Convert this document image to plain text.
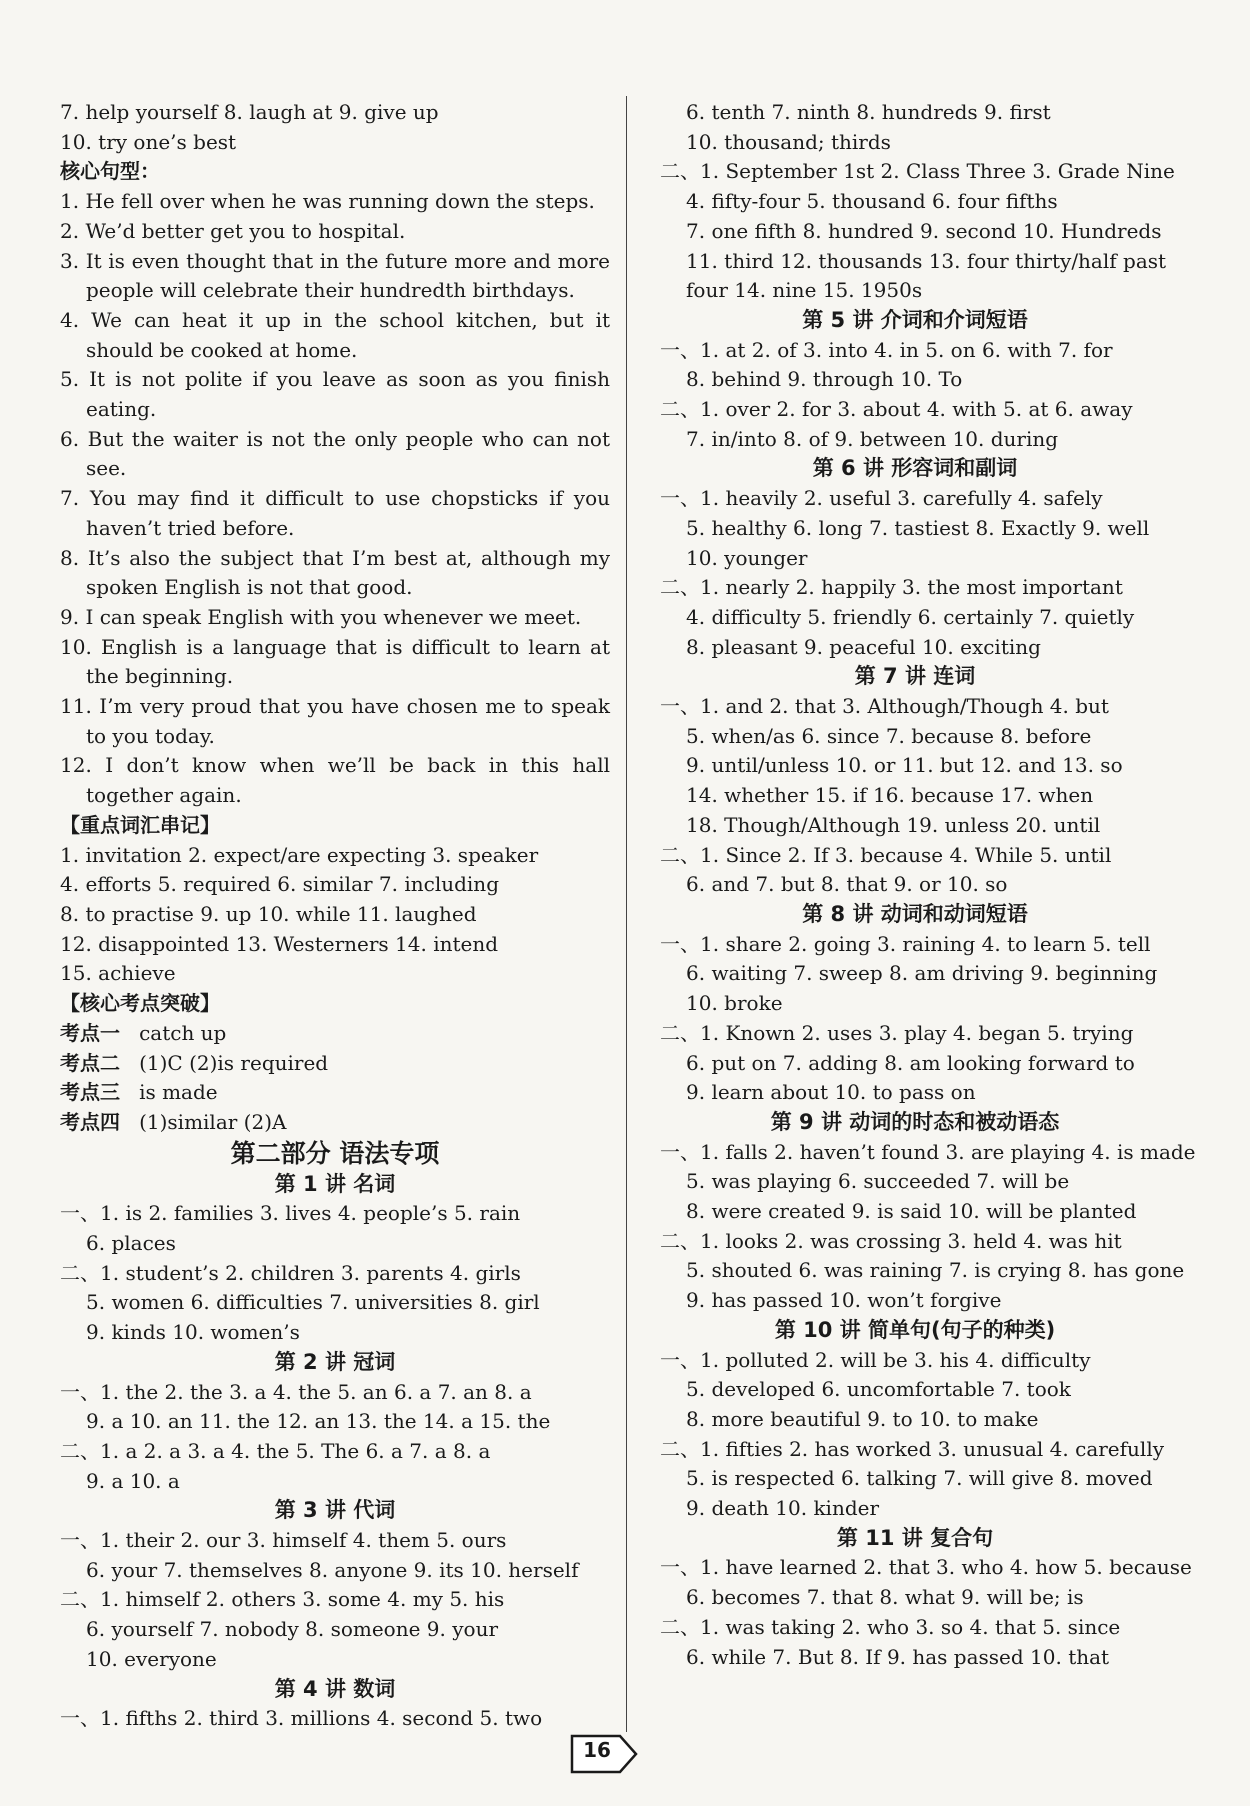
7. help yourself 8. laugh at 9. give up
10. try one’s best
核心句型：
1. He fell over when he was running down the steps.
2. We’d better get you to hospital.
3. It is even thought that in the future more and more people will celebrate their hundredth birthdays.
4. We can heat it up in the school kitchen, but it should be cooked at home.
5. It is not polite if you leave as soon as you finish eating.
6. But the waiter is not the only people who can not see.
7. You may find it difficult to use chopsticks if you haven’t tried before.
8. It’s also the subject that I’m best at, although my spoken English is not that good.
9. I can speak English with you whenever we meet.
10. English is a language that is difficult to learn at the beginning.
11. I’m very proud that you have chosen me to speak to you today.
12. I don’t know when we’ll be back in this hall together again.
【重点词汇串记】
1. invitation 2. expect/are expecting 3. speaker
4. efforts 5. required 6. similar 7. including
8. to practise 9. up 10. while 11. laughed
12. disappointed 13. Westerners 14. intend
15. achieve
【核心考点突破】
考点一 catch up
考点二 (1)C (2)is required
考点三 is made
考点四 (1)similar (2)A
第二部分 语法专项
第 1 讲 名词
一、1. is 2. families 3. lives 4. people’s 5. rain
6. places
二、1. student’s 2. children 3. parents 4. girls
5. women 6. difficulties 7. universities 8. girl
9. kinds 10. women’s
第 2 讲 冠词
一、1. the 2. the 3. a 4. the 5. an 6. a 7. an 8. a
9. a 10. an 11. the 12. an 13. the 14. a 15. the
二、1. a 2. a 3. a 4. the 5. The 6. a 7. a 8. a
9. a 10. a
第 3 讲 代词
一、1. their 2. our 3. himself 4. them 5. ours
6. your 7. themselves 8. anyone 9. its 10. herself
二、1. himself 2. others 3. some 4. my 5. his
6. yourself 7. nobody 8. someone 9. your
10. everyone
第 4 讲 数词
一、1. fifths 2. third 3. millions 4. second 5. two
6. tenth 7. ninth 8. hundreds 9. first
10. thousand; thirds
二、1. September 1st 2. Class Three 3. Grade Nine
4. fifty-four 5. thousand 6. four fifths
7. one fifth 8. hundred 9. second 10. Hundreds
11. third 12. thousands 13. four thirty/half past
four 14. nine 15. 1950s
第 5 讲 介词和介词短语
一、1. at 2. of 3. into 4. in 5. on 6. with 7. for
8. behind 9. through 10. To
二、1. over 2. for 3. about 4. with 5. at 6. away
7. in/into 8. of 9. between 10. during
第 6 讲 形容词和副词
一、1. heavily 2. useful 3. carefully 4. safely
5. healthy 6. long 7. tastiest 8. Exactly 9. well
10. younger
二、1. nearly 2. happily 3. the most important
4. difficulty 5. friendly 6. certainly 7. quietly
8. pleasant 9. peaceful 10. exciting
第 7 讲 连词
一、1. and 2. that 3. Although/Though 4. but
5. when/as 6. since 7. because 8. before
9. until/unless 10. or 11. but 12. and 13. so
14. whether 15. if 16. because 17. when
18. Though/Although 19. unless 20. until
二、1. Since 2. If 3. because 4. While 5. until
6. and 7. but 8. that 9. or 10. so
第 8 讲 动词和动词短语
一、1. share 2. going 3. raining 4. to learn 5. tell
6. waiting 7. sweep 8. am driving 9. beginning
10. broke
二、1. Known 2. uses 3. play 4. began 5. trying
6. put on 7. adding 8. am looking forward to
9. learn about 10. to pass on
第 9 讲 动词的时态和被动语态
一、1. falls 2. haven’t found 3. are playing 4. is made
5. was playing 6. succeeded 7. will be
8. were created 9. is said 10. will be planted
二、1. looks 2. was crossing 3. held 4. was hit
5. shouted 6. was raining 7. is crying 8. has gone
9. has passed 10. won’t forgive
第 10 讲 简单句(句子的种类)
一、1. polluted 2. will be 3. his 4. difficulty
5. developed 6. uncomfortable 7. took
8. more beautiful 9. to 10. to make
二、1. fifties 2. has worked 3. unusual 4. carefully
5. is respected 6. talking 7. will give 8. moved
9. death 10. kinder
第 11 讲 复合句
一、1. have learned 2. that 3. who 4. how 5. because
6. becomes 7. that 8. what 9. will be; is
二、1. was taking 2. who 3. so 4. that 5. since
6. while 7. But 8. If 9. has passed 10. that
16
